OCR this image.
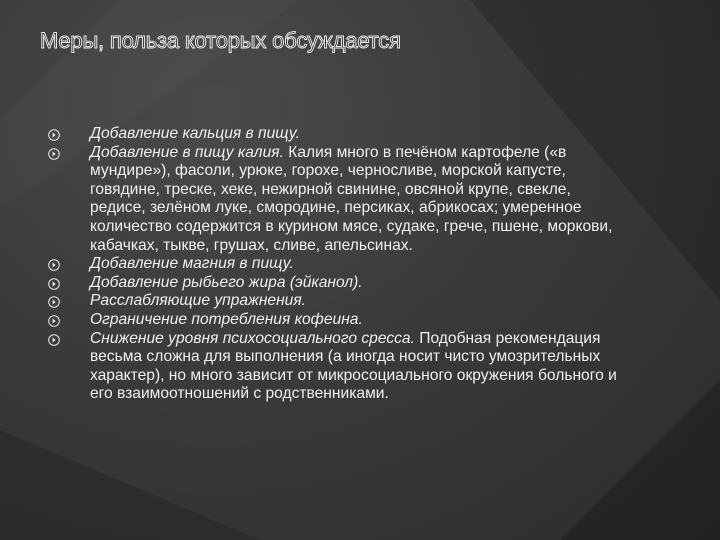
Меры, польза которых обсуждается
Добавление кальция в пищу.
Добавление в пищу калия. Калия много в печёном картофеле («в мундире»), фасоли, урюке, горохе, черносливе, морской капусте, говядине, треске, хеке, нежирной свинине, овсяной крупе, свекле, редисе, зелёном луке, смородине, персиках, абрикосах; умеренное количество содержится в курином мясе, судаке, грече, пшене, моркови, кабачках, тыкве, грушах, сливе, апельсинах.
Добавление магния в пищу.
Добавление рыбьего жира (эйканол).
Расслабляющие упражнения.
Ограничение потребления кофеина.
Снижение уровня психосоциального сресса. Подобная рекомендация весьма сложна для выполнения (а иногда носит чисто умозрительных характер), но много зависит от микросоциального окружения больного и его взаимоотношений с родственниками.
